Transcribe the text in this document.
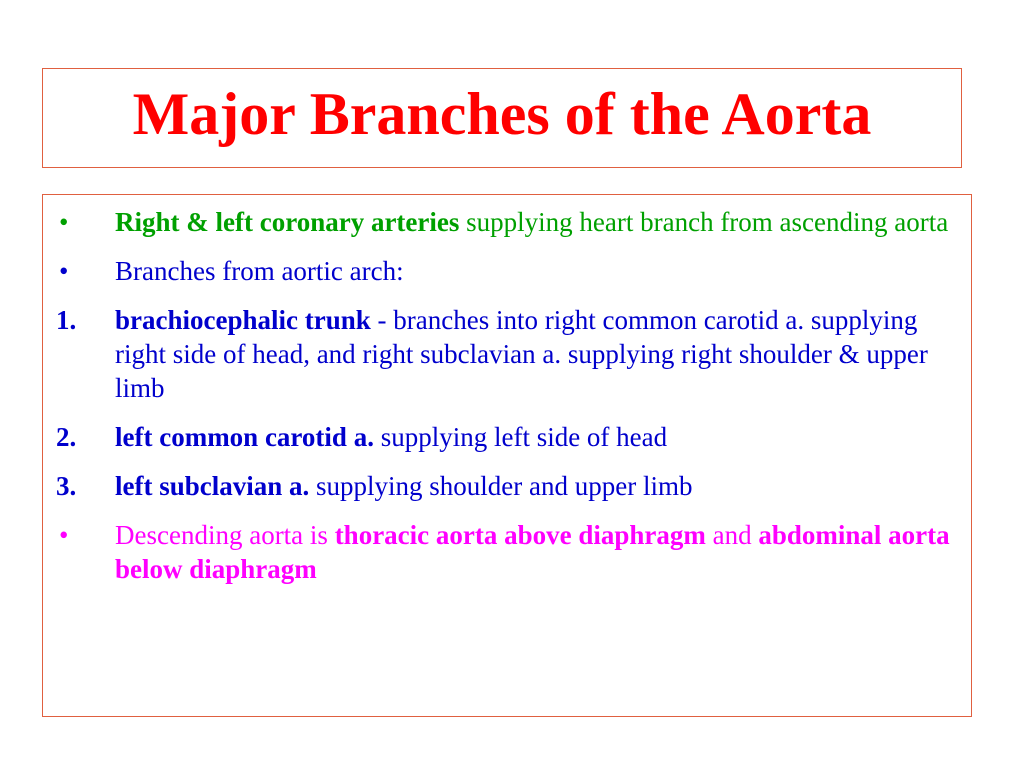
Major Branches of the Aorta
•	Right & left coronary arteries supplying heart branch from ascending aorta
•	Branches from aortic arch:
1.	brachiocephalic trunk - branches into right common carotid a. supplying right side of head, and right subclavian a. supplying right shoulder & upper limb
2.	left common carotid a. supplying left side of head
3.	left subclavian a. supplying shoulder and upper limb
•	Descending aorta is thoracic aorta above diaphragm and abdominal aorta below diaphragm
